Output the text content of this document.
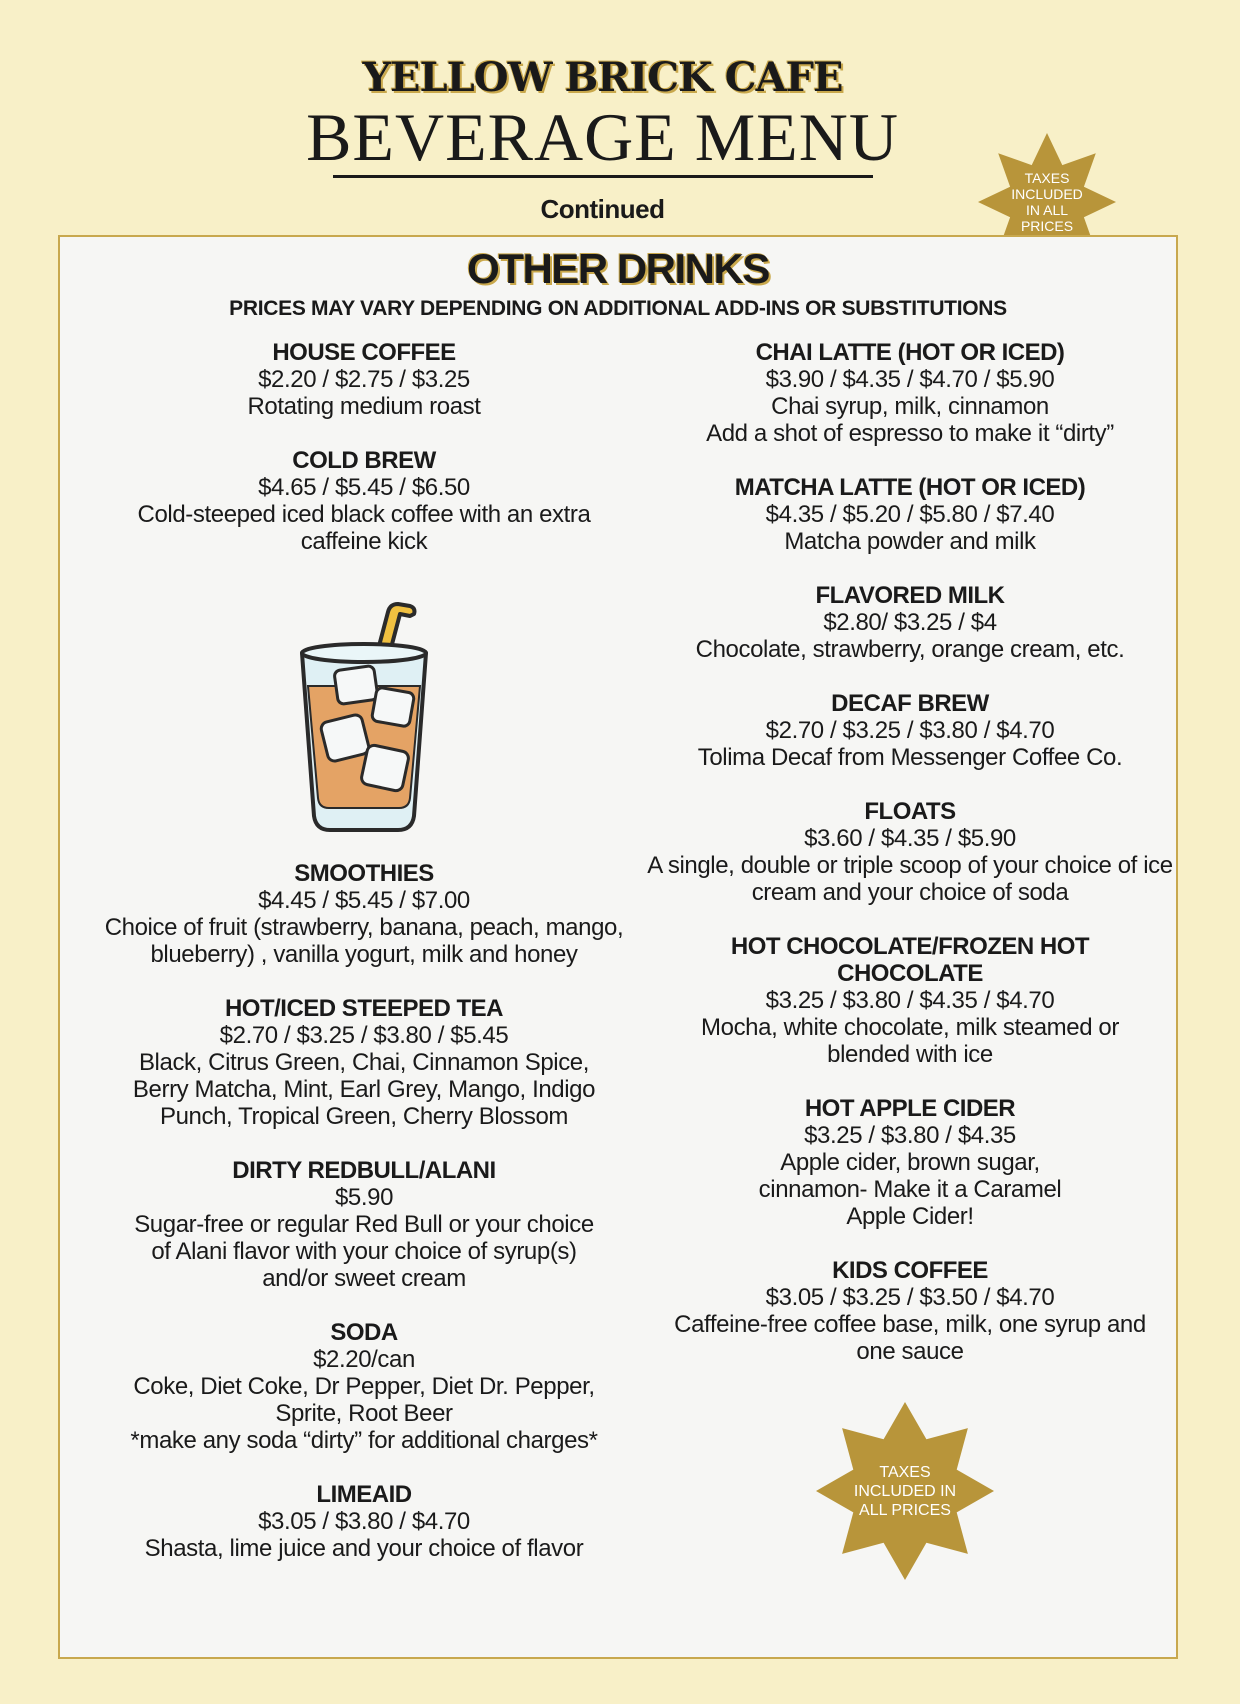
YELLOW BRICK CAFE
BEVERAGE MENU
Continued
TAXES INCLUDED IN ALL PRICES
OTHER DRINKS
PRICES MAY VARY DEPENDING ON ADDITIONAL ADD-INS OR SUBSTITUTIONS
HOUSE COFFEE
$2.20 / $2.75 / $3.25
Rotating medium roast
COLD BREW
$4.65 / $5.45 / $6.50
Cold-steeped iced black coffee with an extra caffeine kick
SMOOTHIES
$4.45 / $5.45 / $7.00
Choice of fruit (strawberry, banana, peach, mango, blueberry) , vanilla yogurt, milk and honey
HOT/ICED STEEPED TEA
$2.70 / $3.25 / $3.80 / $5.45
Black, Citrus Green, Chai, Cinnamon Spice, Berry Matcha, Mint, Earl Grey, Mango, Indigo Punch, Tropical Green, Cherry Blossom
DIRTY REDBULL/ALANI
$5.90
Sugar-free or regular Red Bull or your choice of Alani flavor with your choice of syrup(s) and/or sweet cream
SODA
$2.20/can
Coke, Diet Coke, Dr Pepper, Diet Dr. Pepper, Sprite, Root Beer
*make any soda “dirty” for additional charges*
LIMEAID
$3.05 / $3.80 / $4.70
Shasta, lime juice and your choice of flavor
CHAI LATTE (HOT OR ICED)
$3.90 / $4.35 / $4.70 / $5.90
Chai syrup, milk, cinnamon
Add a shot of espresso to make it “dirty”
MATCHA LATTE (HOT OR ICED)
$4.35 / $5.20 / $5.80 / $7.40
Matcha powder and milk
FLAVORED MILK
$2.80/ $3.25 / $4
Chocolate, strawberry, orange cream, etc.
DECAF BREW
$2.70 / $3.25 / $3.80 / $4.70
Tolima Decaf from Messenger Coffee Co.
FLOATS
$3.60 / $4.35 / $5.90
A single, double or triple scoop of your choice of ice cream and your choice of soda
HOT CHOCOLATE/FROZEN HOT CHOCOLATE
$3.25 / $3.80 / $4.35 / $4.70
Mocha, white chocolate, milk steamed or blended with ice
HOT APPLE CIDER
$3.25 / $3.80 / $4.35
Apple cider, brown sugar, cinnamon- Make it a Caramel Apple Cider!
KIDS COFFEE
$3.05 / $3.25 / $3.50 / $4.70
Caffeine-free coffee base, milk, one syrup and one sauce
TAXES INCLUDED IN ALL PRICES
